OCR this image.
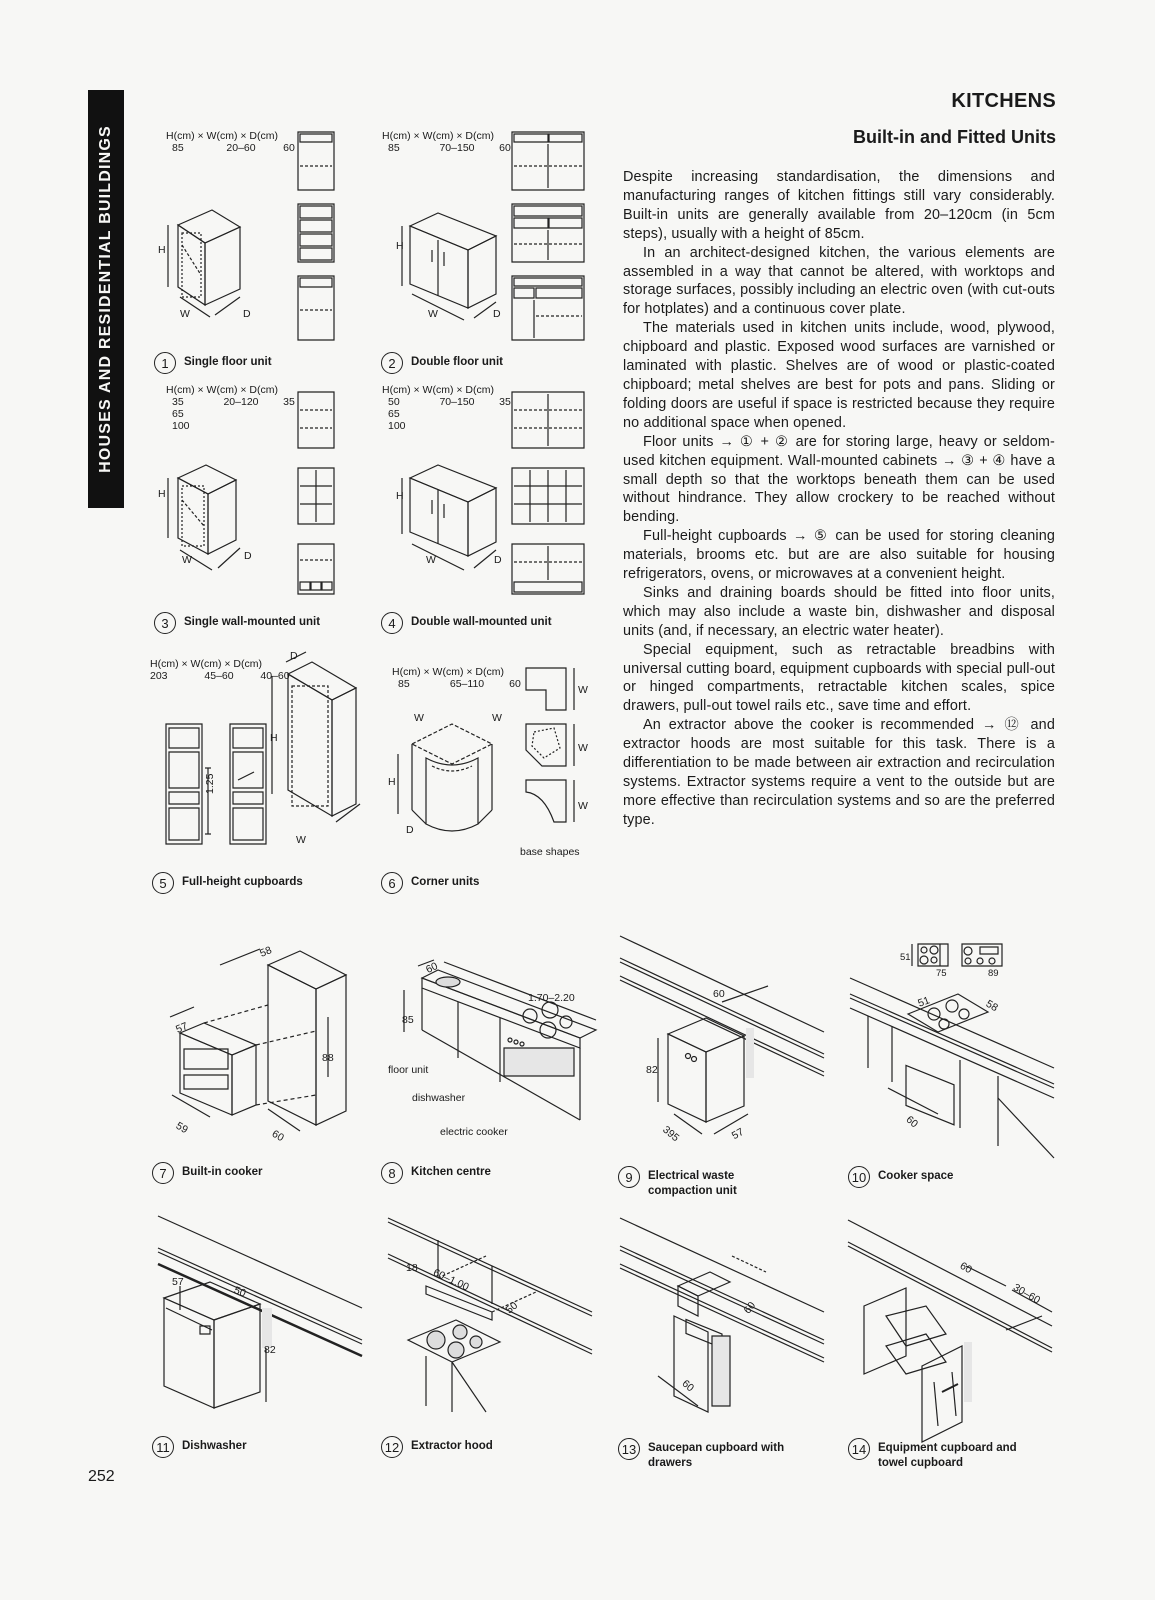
HOUSES AND RESIDENTIAL BUILDINGS
KITCHENS
Built-in and Fitted Units

Despite increasing standardisation, the dimensions and manufacturing ranges of kitchen fittings still vary considerably. Built-in units are generally available from 20–120cm (in 5cm steps), usually with a height of 85cm.

In an architect-designed kitchen, the various elements are assembled in a way that cannot be altered, with worktops and storage surfaces, possibly including an electric oven (with cut-outs for hotplates) and a continuous cover plate.

The materials used in kitchen units include, wood, plywood, chipboard and plastic. Exposed wood surfaces are varnished or laminated with plastic. Shelves are of wood or plastic-coated chipboard; metal shelves are best for pots and pans. Sliding or folding doors are useful if space is restricted because they require no additional space when opened.

Floor units → ① + ② are for storing large, heavy or seldom-used kitchen equipment. Wall-mounted cabinets → ③ + ④ have a small depth so that the worktops beneath them can be used without hindrance. They allow crockery to be reached without bending.

Full-height cupboards → ⑤ can be used for storing cleaning materials, brooms etc. but are are also suitable for housing refrigerators, ovens, or microwaves at a convenient height.

Sinks and draining boards should be fitted into floor units, which may also include a waste bin, dishwasher and disposal units (and, if necessary, an electric water heater).

Special equipment, such as retractable breadbins with universal cutting board, equipment cupboards with special pull-out or hinged compartments, retractable kitchen scales, spice drawers, pull-out towel rails etc., save time and effort.

An extractor above the cooker is recommended → ⑫ and extractor hoods are most suitable for this task. There is a differentiation to be made between air extraction and recirculation systems. Extractor systems require a vent to the outside but are more effective than recirculation systems and so are the preferred type.

H(cm) × W(cm) × D(cm)
85	20–60	60
H
W	D
1	Single floor unit
H(cm) × W(cm) × D(cm)
85	70–150	60
H
W	D
2	Double floor unit
H(cm) × W(cm) × D(cm)
35	20–120	35
65
100
H
W	D
3	Single wall-mounted unit
H(cm) × W(cm) × D(cm)
50	70–150	35
65
100
H
W	D
4	Double wall-mounted unit
H(cm) × W(cm) × D(cm)
203	45–60	40–60
D
H
W
1.25
5	Full-height cupboards
H(cm) × W(cm) × D(cm)
85	65–110	60
W	W
H
D
W
W
W
base shapes
6	Corner units
58
57
88
59	60
7	Built-in cooker
60
85
1.70–2.20
floor unit
dishwasher
electric cooker
8	Kitchen centre
60
82
395	57
9	Electrical waste
compaction unit
51
75	89
51	58
60
10	Cooker space
57
50
82
11	Dishwasher
18 60–1.00
50
12	Extractor hood
60
60
13	Saucepan cupboard with
drawers
60
30–60
14	Equipment cupboard and
towel cupboard
252
